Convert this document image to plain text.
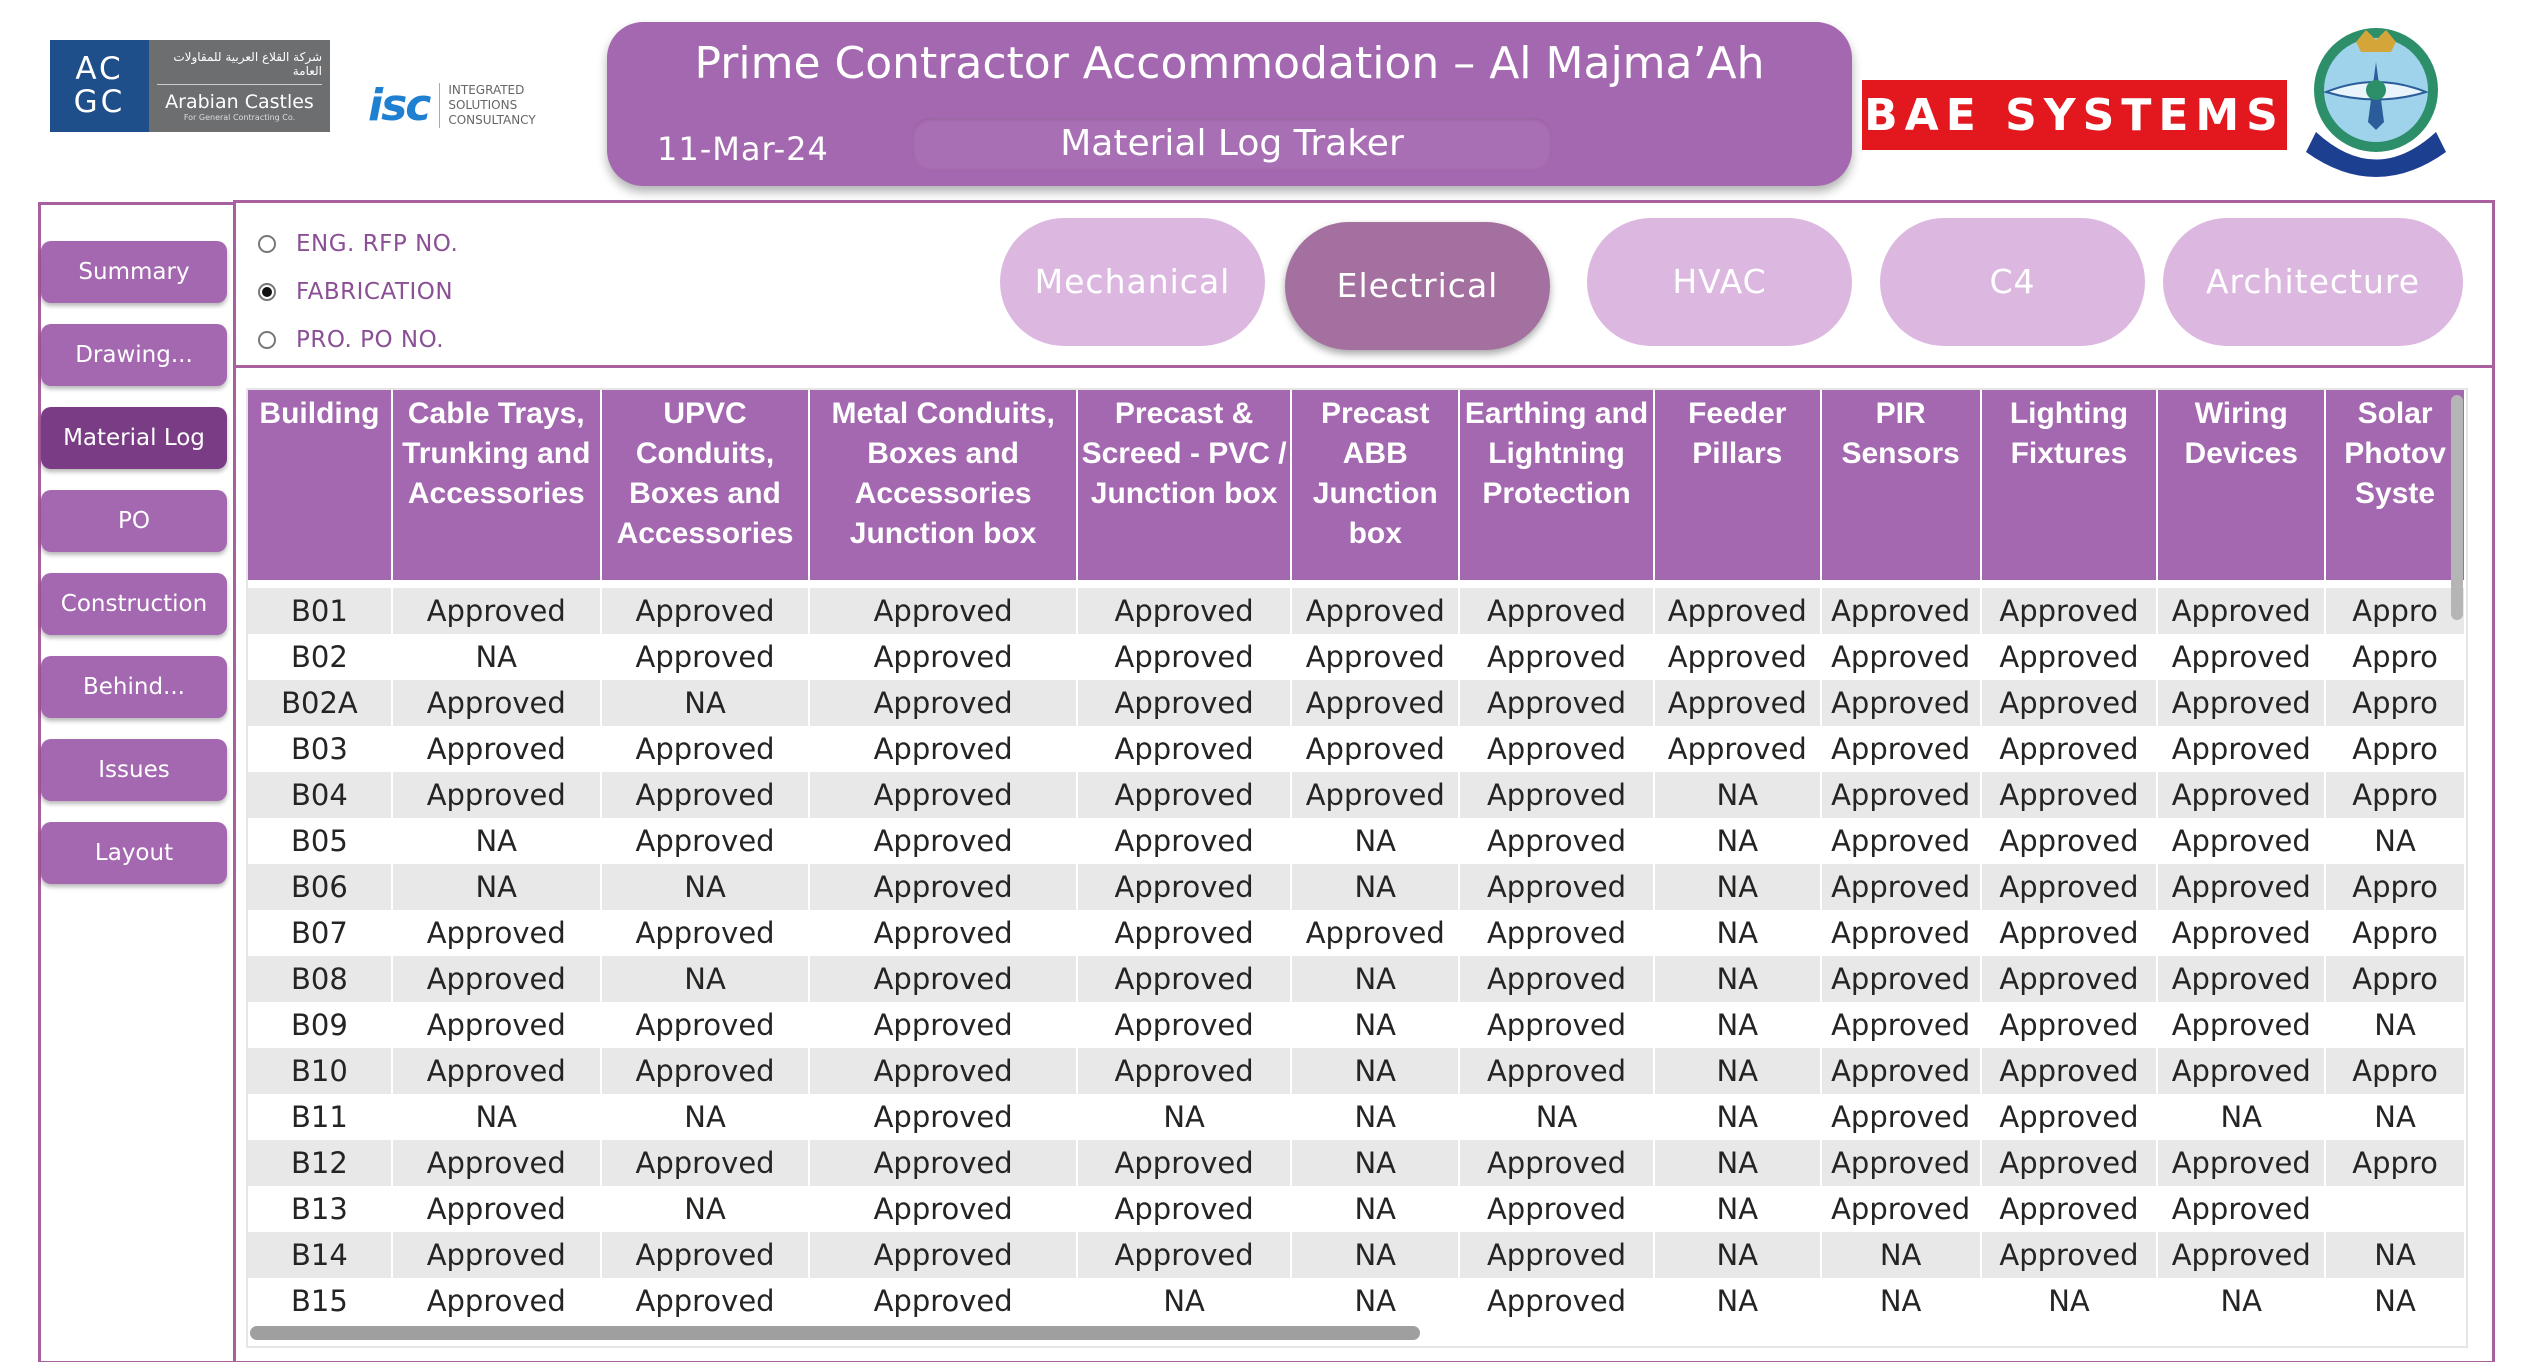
AC
GC
شركة القلاع العربية للمقاولات العامة
Arabian Castles
For General Contracting Co.	isc INTEGRATED
SOLUTIONS
CONSULTANCY
Prime Contractor Accommodation – Al Majma’Ah
11-Mar-24	Material Log Traker
BAE SYSTEMS
Summary
Drawing...
Material Log
PO
Construction
Behind...
Issues
Layout
ENG. RFP NO.
FABRICATION
PRO. PO NO.
Mechanical	Electrical	HVAC	C4	Architecture
Building	Cable Trays, Trunking and Accessories	UPVC Conduits, Boxes and Accessories	Metal Conduits, Boxes and Accessories Junction box	Precast & Screed - PVC / Junction box	Precast ABB Junction box	Earthing and Lightning Protection	Feeder Pillars	PIR Sensors	Lighting Fixtures	Wiring Devices	Solar Photov Syste

B01	Approved	Approved	Approved	Approved	Approved	Approved	Approved	Approved	Approved	Approved	Appro
B02	NA	Approved	Approved	Approved	Approved	Approved	Approved	Approved	Approved	Approved	Appro
B02A	Approved	NA	Approved	Approved	Approved	Approved	Approved	Approved	Approved	Approved	Appro
B03	Approved	Approved	Approved	Approved	Approved	Approved	Approved	Approved	Approved	Approved	Appro
B04	Approved	Approved	Approved	Approved	Approved	Approved	NA	Approved	Approved	Approved	Appro
B05	NA	Approved	Approved	Approved	NA	Approved	NA	Approved	Approved	Approved	NA
B06	NA	NA	Approved	Approved	NA	Approved	NA	Approved	Approved	Approved	Appro
B07	Approved	Approved	Approved	Approved	Approved	Approved	NA	Approved	Approved	Approved	Appro
B08	Approved	NA	Approved	Approved	NA	Approved	NA	Approved	Approved	Approved	Appro
B09	Approved	Approved	Approved	Approved	NA	Approved	NA	Approved	Approved	Approved	NA
B10	Approved	Approved	Approved	Approved	NA	Approved	NA	Approved	Approved	Approved	Appro
B11	NA	NA	Approved	NA	NA	NA	NA	Approved	Approved	NA	NA
B12	Approved	Approved	Approved	Approved	NA	Approved	NA	Approved	Approved	Approved	Appro
B13	Approved	NA	Approved	Approved	NA	Approved	NA	Approved	Approved	Approved	
B14	Approved	Approved	Approved	Approved	NA	Approved	NA	NA	Approved	Approved	NA
B15	Approved	Approved	Approved	NA	NA	Approved	NA	NA	NA	NA	NA
